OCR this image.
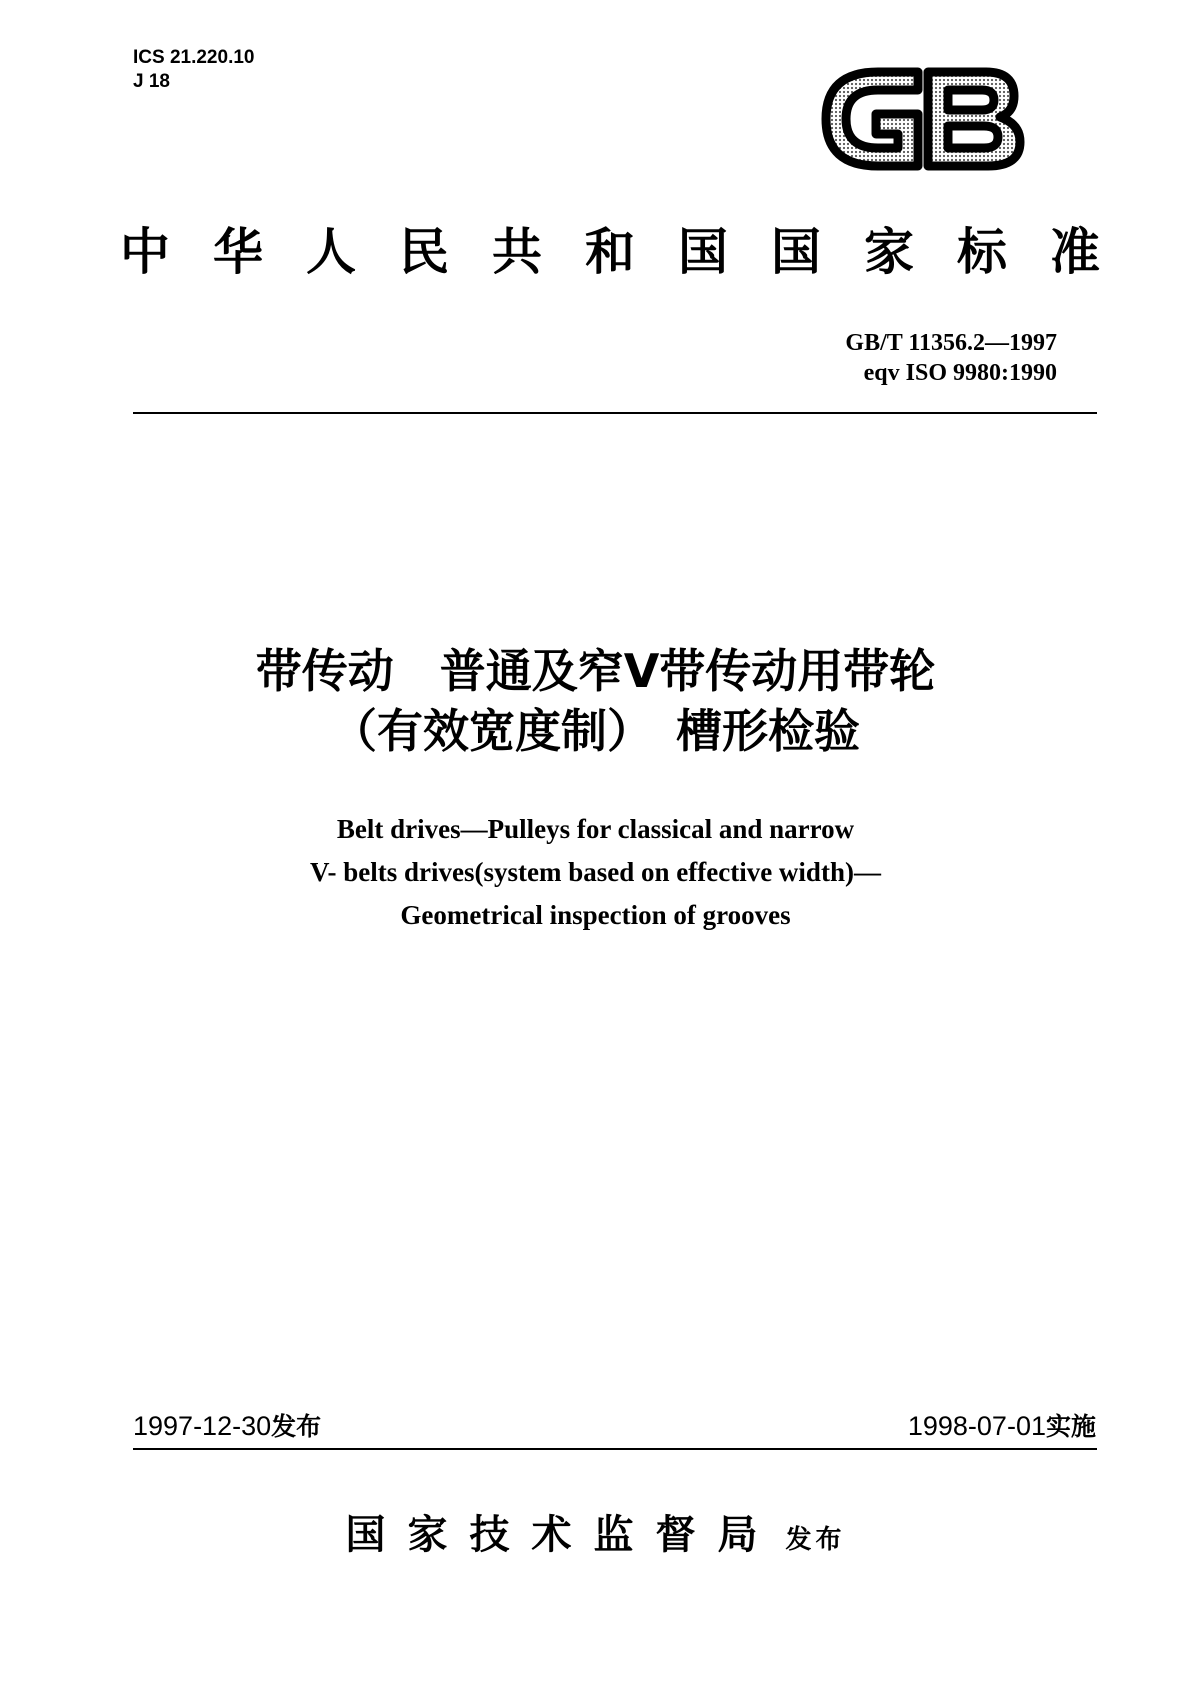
ICS 21.220.10
J 18
中 华 人 民 共 和 国 国 家 标 准
GB/T 11356.2—1997
eqv ISO 9980:1990
带传动　普通及窄V带传动用带轮
（有效宽度制）　槽形检验
Belt drives—Pulleys for classical and narrow
V- belts drives(system based on effective width)—
Geometrical inspection of grooves
1997-12-30发布	1998-07-01实施
国家技术监督局 发布
